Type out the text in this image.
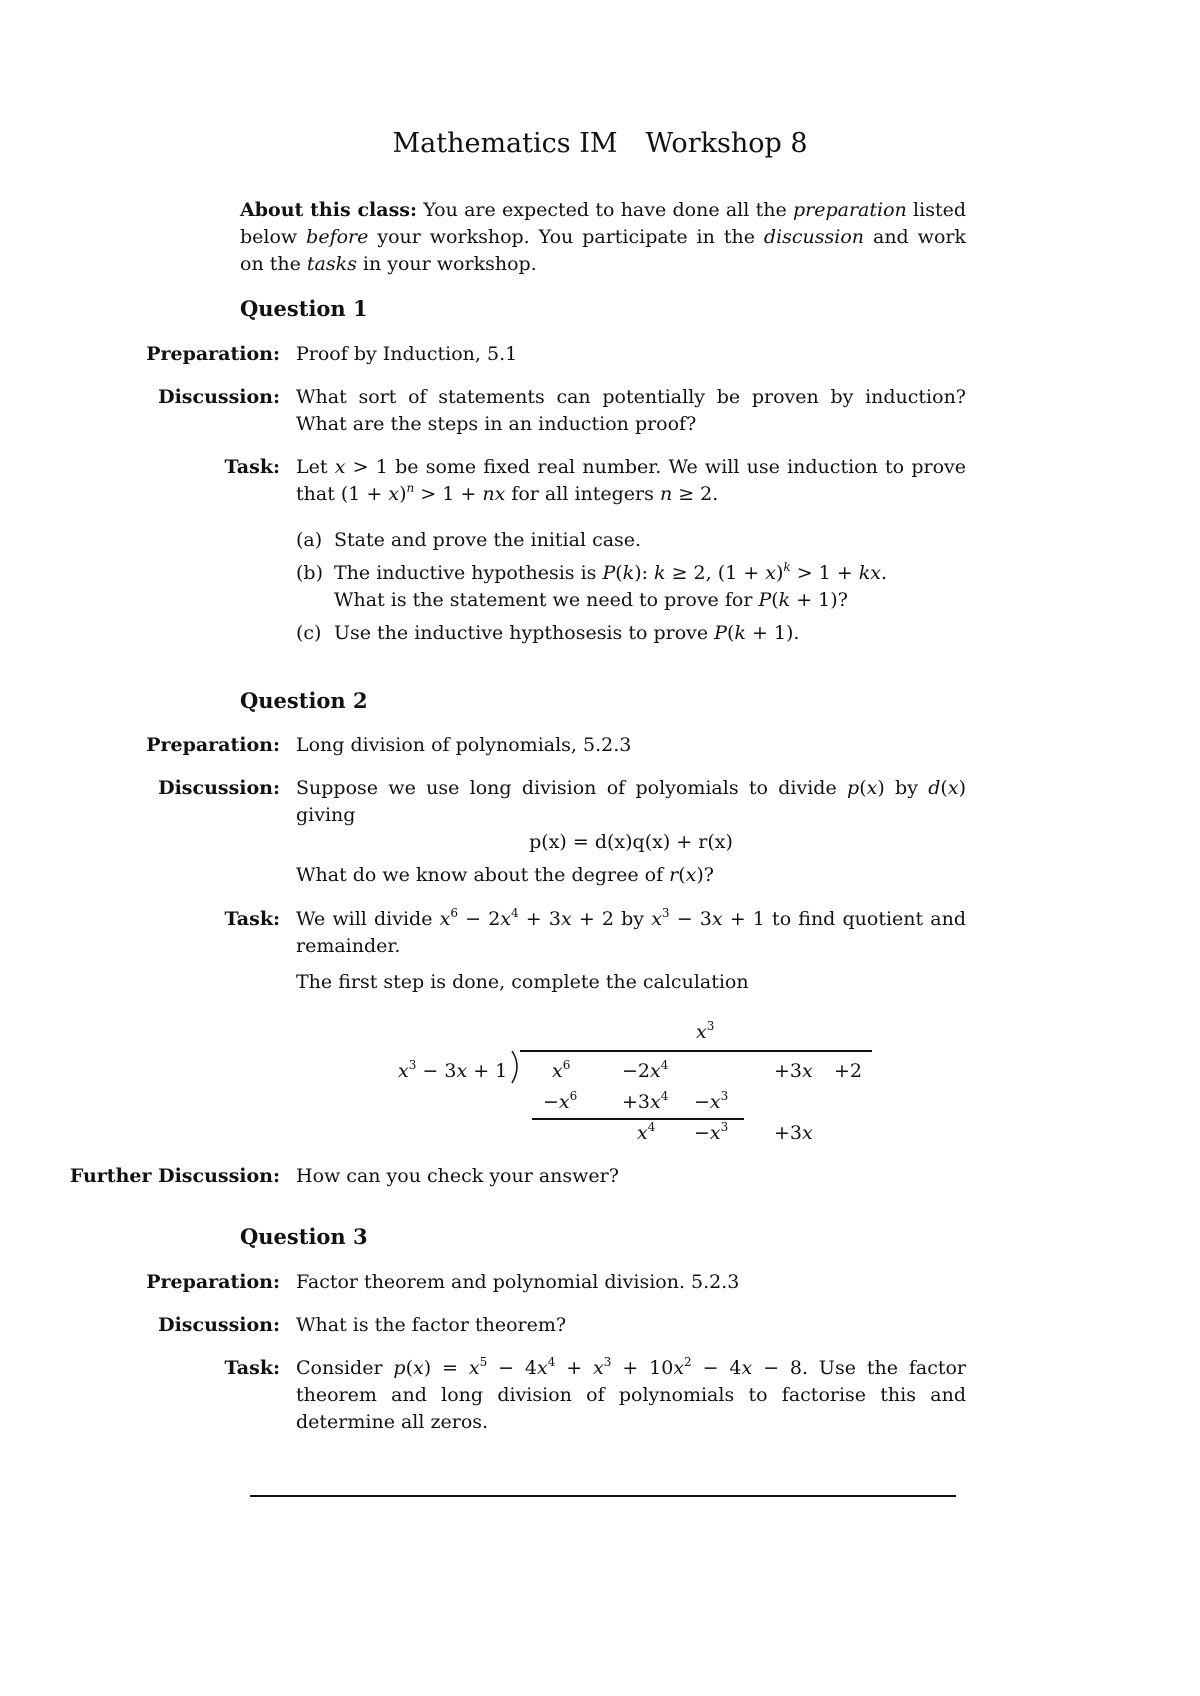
Mathematics IM Workshop 8
About this class: You are expected to have done all the preparation listed below before your workshop. You participate in the discussion and work on the tasks in your workshop.
Question 1
Preparation: Proof by Induction, 5.1
Discussion: What sort of statements can potentially be proven by induction? What are the steps in an induction proof?
Task: Let x > 1 be some fixed real number. We will use induction to prove that $(1 + x)^n > 1$ + nx for all integers n ≥ 2.
(a) State and prove the initial case.
(b) The inductive hypothesis is P(k): k ≥ 2, $(1 + x)^k > 1$ + kx.
What is the statement we need to prove for P(k + 1)?
(c) Use the inductive hypthosesis to prove P(k + 1).
Question 2
Preparation: Long division of polynomials, 5.2.3
Discussion: Suppose we use long division of polyomials to divide p(x) by d(x) giving
p(x) = d(x)q(x) + r(x)
What do we know about the degree of r(x)?
Task: We will divide $x^6 - 2x^4 + 3x + 2$ by $x^3 - 3x + 1$ to find quotient and remainder.
The first step is done, complete the calculation
$x^3$
$x^3 - 3x + 1$ $x^6$	$-2x^4$	+3x +2
$-x^6 +3x^4 -x^3$
$x^4 -x^3 +3x$
Further Discussion: How can you check your answer?
Question 3
Preparation: Factor theorem and polynomial division. 5.2.3
Discussion: What is the factor theorem?
Task: Consider $p(x) = x^5 - 4x^4 + x^3 + 10x^2 - 4x - 8$. Use the factor theorem and long division of polynomials to factorise this and determine all zeros.
